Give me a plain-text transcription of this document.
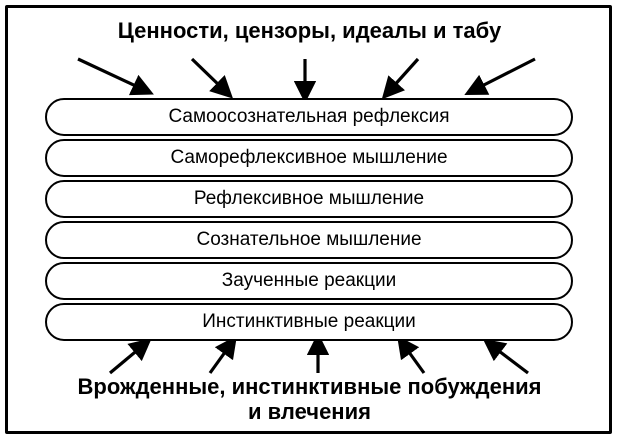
Ценности, цензоры, идеалы и табу
Самоосознательная рефлексия
Саморефлексивное мышление
Рефлексивное мышление
Сознательное мышление
Заученные реакции
Инстинктивные реакции
Врожденные, инстинктивные побуждения
и влечения
